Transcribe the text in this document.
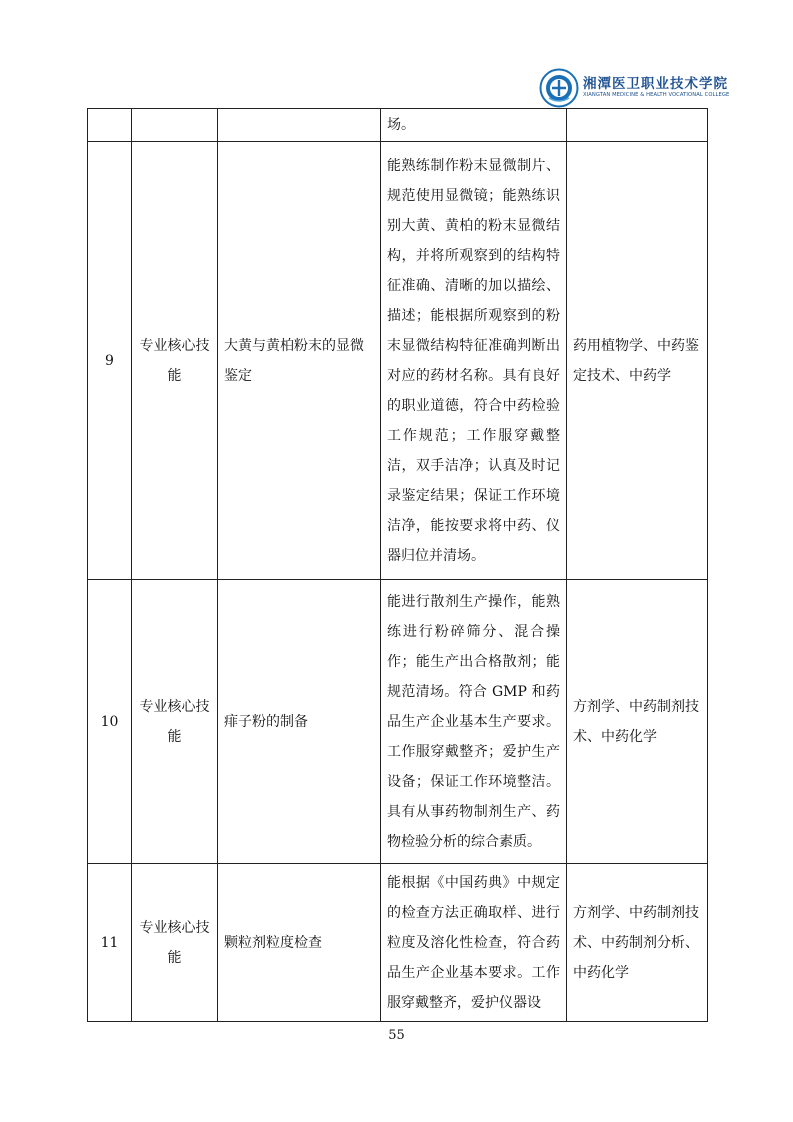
湘潭医卫职业技术学院
XIANGTAN MEDICINE & HEALTH VOCATIONAL COLLEGE
			场。	
9	专业核心技能	大黄与黄柏粉末的显微鉴定	能熟练制作粉末显微制片、规范使用显微镜；能熟练识别大黄、黄柏的粉末显微结构，并将所观察到的结构特征准确、清晰的加以描绘、描述；能根据所观察到的粉末显微结构特征准确判断出对应的药材名称。具有良好的职业道德，符合中药检验工作规范；工作服穿戴整洁，双手洁净；认真及时记录鉴定结果；保证工作环境洁净，能按要求将中药、仪器归位并清场。	药用植物学、中药鉴定技术、中药学
10	专业核心技能	痱子粉的制备	能进行散剂生产操作，能熟练进行粉碎筛分、混合操作；能生产出合格散剂；能规范清场。符合 GMP 和药品生产企业基本生产要求。工作服穿戴整齐；爱护生产设备；保证工作环境整洁。具有从事药物制剂生产、药物检验分析的综合素质。	方剂学、中药制剂技术、中药化学
11	专业核心技能	颗粒剂粒度检查	能根据《中国药典》中规定的检查方法正确取样、进行粒度及溶化性检查，符合药品生产企业基本要求。工作服穿戴整齐，爱护仪器设	方剂学、中药制剂技术、中药制剂分析、中药化学
55
